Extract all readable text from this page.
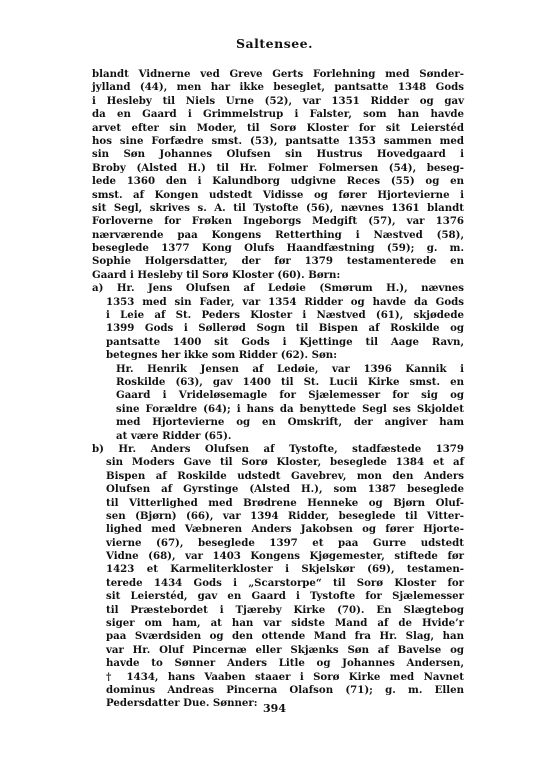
Saltensee.
blandt Vidnerne ved Greve Gerts Forlehning med Sønder-
jylland (44), men har ikke beseglet, pantsatte 1348 Gods
i Hesleby til Niels Urne (52), var 1351 Ridder og gav
da en Gaard i Grimmelstrup i Falster, som han havde
arvet efter sin Moder, til Sorø Kloster for sit Leierstéd
hos sine Forfædre smst. (53), pantsatte 1353 sammen med
sin Søn Johannes Olufsen sin Hustrus Hovedgaard i
Broby (Alsted H.) til Hr. Folmer Folmersen (54), beseg-
lede 1360 den i Kalundborg udgivne Reces (55) og en
smst. af Kongen udstedt Vidisse og fører Hjortevierne i
sit Segl, skrives s. A. til Tystofte (56), nævnes 1361 blandt
Forloverne for Frøken Ingeborgs Medgift (57), var 1376
nærværende paa Kongens Retterthing i Næstved (58),
beseglede 1377 Kong Olufs Haandfæstning (59); g. m.
Sophie Holgersdatter, der før 1379 testamenterede en
Gaard i Hesleby til Sorø Kloster (60). Børn:
a) Hr. Jens Olufsen af Ledøie (Smørum H.), nævnes
1353 med sin Fader, var 1354 Ridder og havde da Gods
i Leie af St. Peders Kloster i Næstved (61), skjødede
1399 Gods i Søllerød Sogn til Bispen af Roskilde og
pantsatte 1400 sit Gods i Kjettinge til Aage Ravn,
betegnes her ikke som Ridder (62). Søn:
Hr. Henrik Jensen af Ledøie, var 1396 Kannik i
Roskilde (63), gav 1400 til St. Lucii Kirke smst. en
Gaard i Vrideløsemagle for Sjælemesser for sig og
sine Forældre (64); i hans da benyttede Segl ses Skjoldet
med Hjortevierne og en Omskrift, der angiver ham
at være Ridder (65).
b) Hr. Anders Olufsen af Tystofte, stadfæstede 1379
sin Moders Gave til Sorø Kloster, beseglede 1384 et af
Bispen af Roskilde udstedt Gavebrev, mon den Anders
Olufsen af Gyrstinge (Alsted H.), som 1387 beseglede
til Vitterlighed med Brødrene Henneke og Bjørn Oluf-
sen (Bjørn) (66), var 1394 Ridder, beseglede til Vitter-
lighed med Væbneren Anders Jakobsen og fører Hjorte-
vierne (67), beseglede 1397 et paa Gurre udstedt
Vidne (68), var 1403 Kongens Kjøgemester, stiftede før
1423 et Karmeliterkloster i Skjelskør (69), testamen-
terede 1434 Gods i „Scarstorpe“ til Sorø Kloster for
sit Leierstéd, gav en Gaard i Tystofte for Sjælemesser
til Præstebordet i Tjæreby Kirke (70). En Slægtebog
siger om ham, at han var sidste Mand af de Hvide’r
paa Sværdsiden og den ottende Mand fra Hr. Slag, han
var Hr. Oluf Pincernæ eller Skjænks Søn af Bavelse og
havde to Sønner Anders Litle og Johannes Andersen,
† 1434, hans Vaaben staaer i Sorø Kirke med Navnet
dominus Andreas Pincerna Olafson (71); g. m. Ellen
Pedersdatter Due. Sønner: 394
